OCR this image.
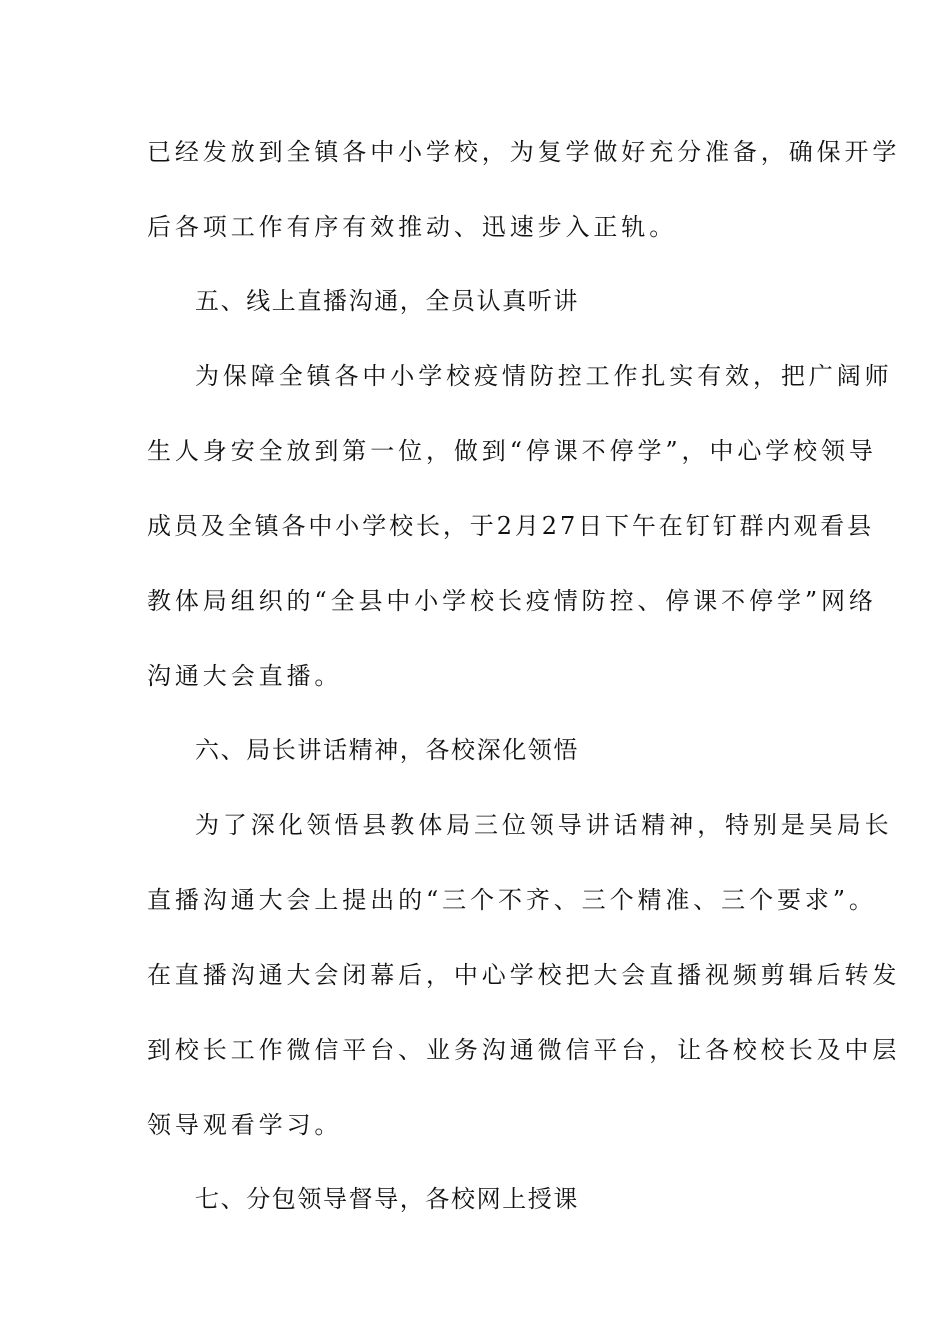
已经发放到全镇各中小学校，为复学做好充分准备，确保开学
后各项工作有序有效推动、迅速步入正轨。
五、线上直播沟通，全员认真听讲
为保障全镇各中小学校疫情防控工作扎实有效，把广阔师
生人身安全放到第一位，做到“停课不停学”，中心学校领导
成员及全镇各中小学校长，于2月27日下午在钉钉群内观看县
教体局组织的“全县中小学校长疫情防控、停课不停学”网络
沟通大会直播。
六、局长讲话精神，各校深化领悟
为了深化领悟县教体局三位领导讲话精神，特别是吴局长
直播沟通大会上提出的“三个不齐、三个精准、三个要求”。
在直播沟通大会闭幕后，中心学校把大会直播视频剪辑后转发
到校长工作微信平台、业务沟通微信平台，让各校校长及中层
领导观看学习。
七、分包领导督导，各校网上授课
